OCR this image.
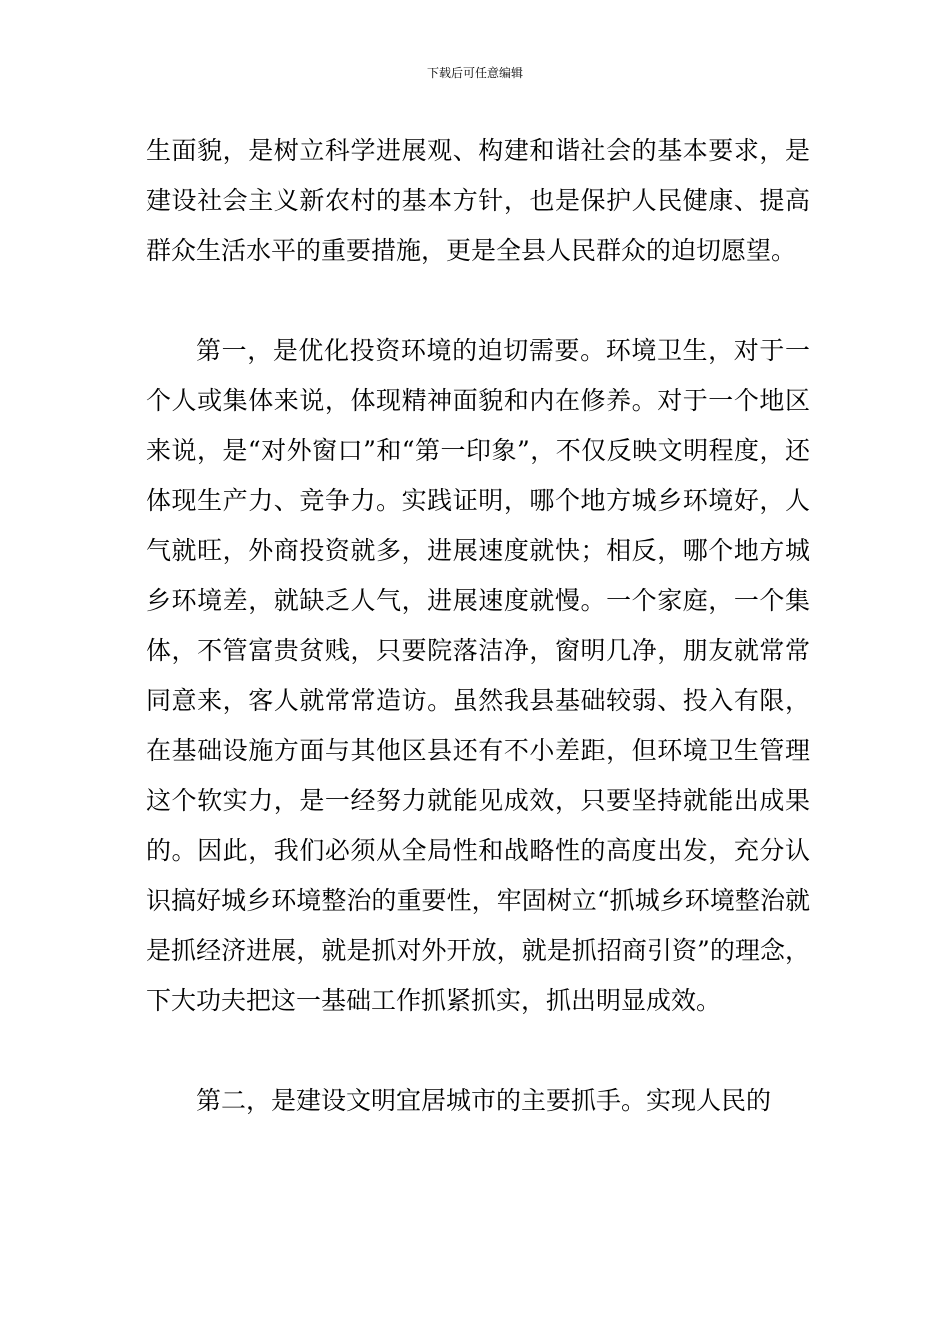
下载后可任意编辑

生面貌，是树立科学进展观、构建和谐社会的基本要求，是建设社会主义新农村的基本方针，也是保护人民健康、提高群众生活水平的重要措施，更是全县人民群众的迫切愿望。

第一，是优化投资环境的迫切需要。环境卫生，对于一个人或集体来说，体现精神面貌和内在修养。对于一个地区来说，是“对外窗口”和“第一印象”，不仅反映文明程度，还体现生产力、竞争力。实践证明，哪个地方城乡环境好，人气就旺，外商投资就多，进展速度就快；相反，哪个地方城乡环境差，就缺乏人气，进展速度就慢。一个家庭，一个集体，不管富贵贫贱，只要院落洁净，窗明几净，朋友就常常同意来，客人就常常造访。虽然我县基础较弱、投入有限，在基础设施方面与其他区县还有不小差距，但环境卫生管理这个软实力，是一经努力就能见成效，只要坚持就能出成果的。因此，我们必须从全局性和战略性的高度出发，充分认识搞好城乡环境整治的重要性，牢固树立“抓城乡环境整治就是抓经济进展，就是抓对外开放，就是抓招商引资”的理念，下大功夫把这一基础工作抓紧抓实，抓出明显成效。

第二，是建设文明宜居城市的主要抓手。实现人民的
